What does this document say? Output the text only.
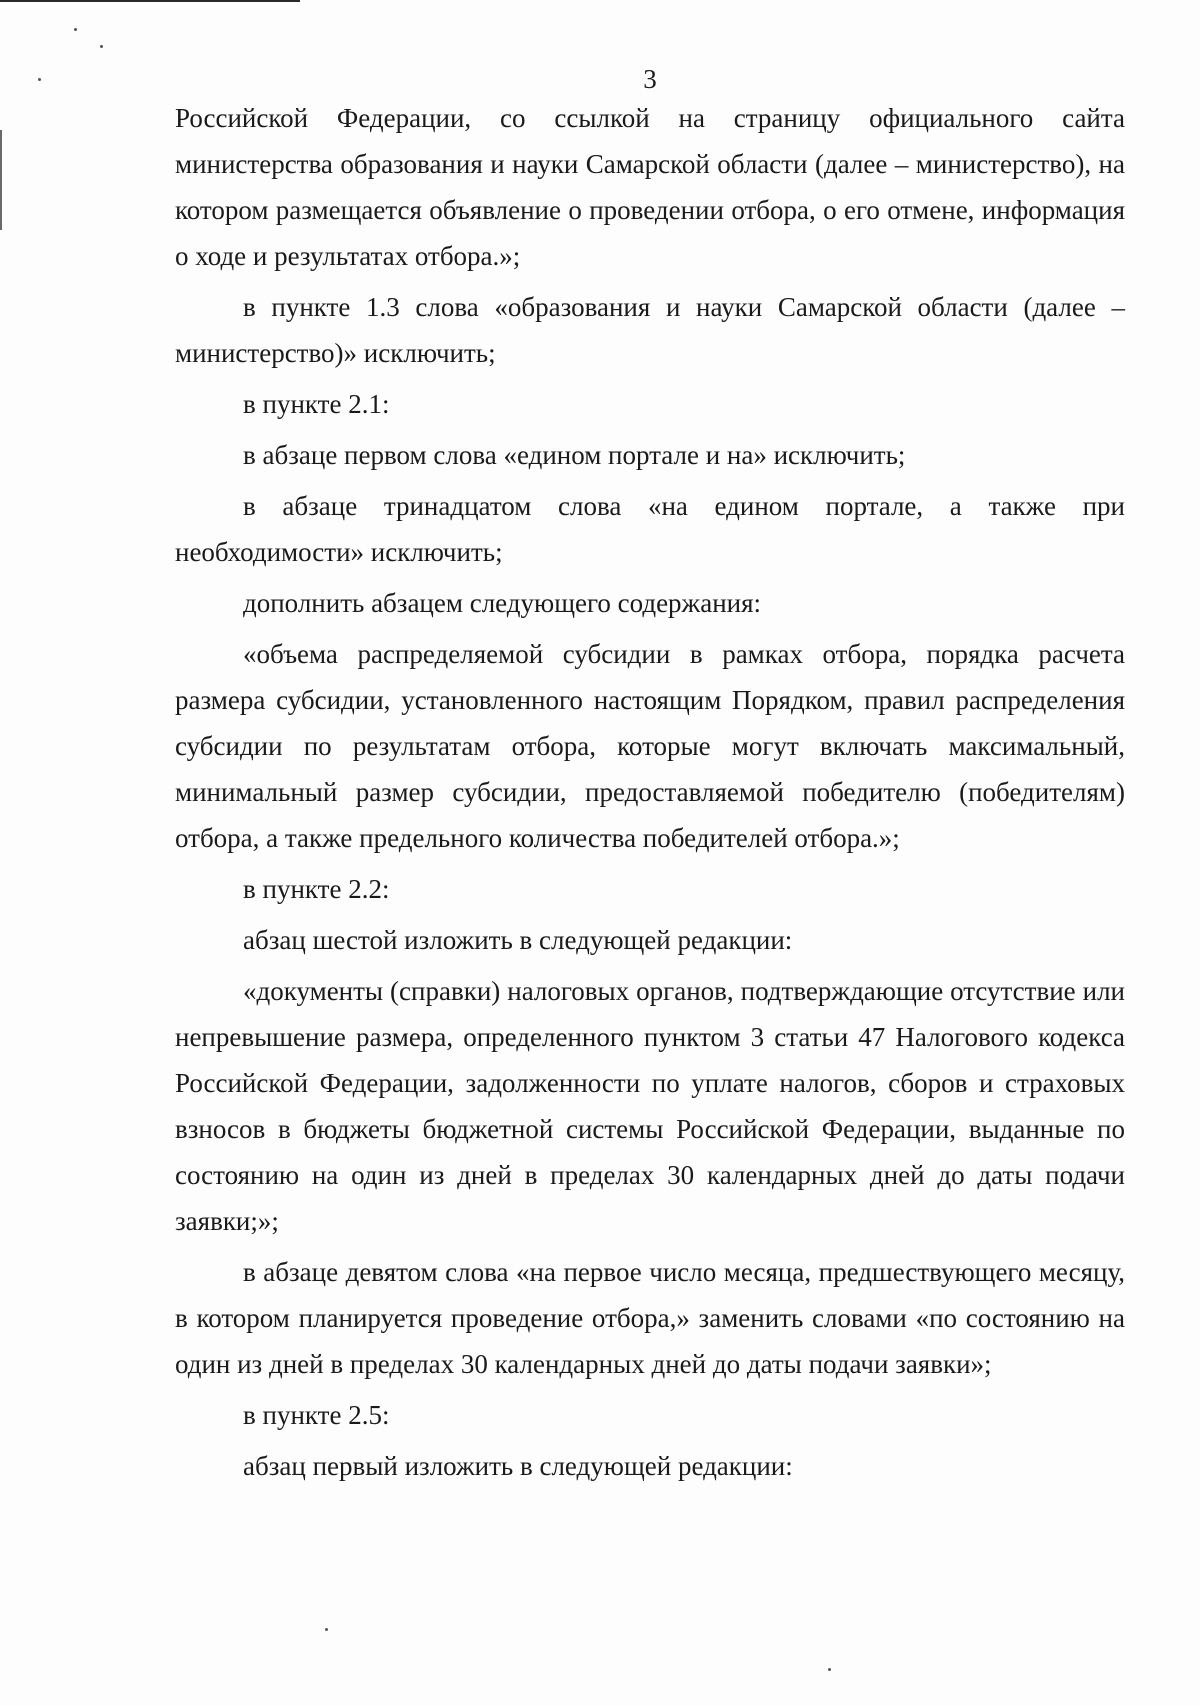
3

Российской Федерации, со ссылкой на страницу официального сайта министерства образования и науки Самарской области (далее – министерство), на котором размещается объявление о проведении отбора, о его отмене, информация о ходе и результатах отбора.»;

в пункте 1.3 слова «образования и науки Самарской области (далее – министерство)» исключить;

в пункте 2.1:

в абзаце первом слова «едином портале и на» исключить;

в абзаце тринадцатом слова «на едином портале, а также при необходимости» исключить;

дополнить абзацем следующего содержания:

«объема распределяемой субсидии в рамках отбора, порядка расчета размера субсидии, установленного настоящим Порядком, правил распределения субсидии по результатам отбора, которые могут включать максимальный, минимальный размер субсидии, предоставляемой победителю (победителям) отбора, а также предельного количества победителей отбора.»;

в пункте 2.2:

абзац шестой изложить в следующей редакции:

«документы (справки) налоговых органов, подтверждающие отсутствие или непревышение размера, определенного пунктом 3 статьи 47 Налогового кодекса Российской Федерации, задолженности по уплате налогов, сборов и страховых взносов в бюджеты бюджетной системы Российской Федерации, выданные по состоянию на один из дней в пределах 30 календарных дней до даты подачи заявки;»;

в абзаце девятом слова «на первое число месяца, предшествующего месяцу, в котором планируется проведение отбора,» заменить словами «по состоянию на один из дней в пределах 30 календарных дней до даты подачи заявки»;

в пункте 2.5:

абзац первый изложить в следующей редакции:
